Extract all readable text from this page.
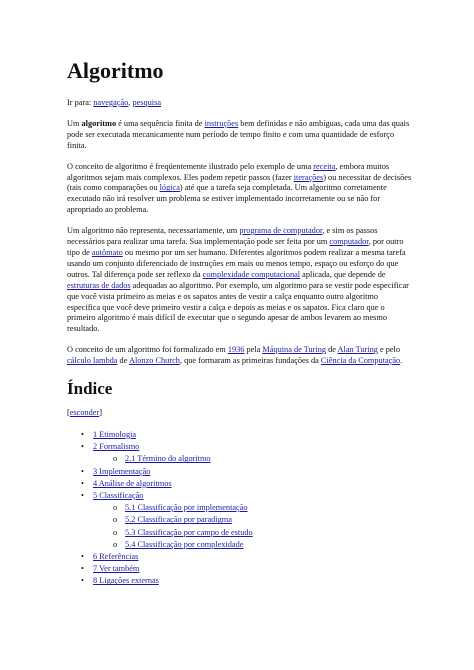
Algoritmo

Ir para: navegação, pesquisa

Um algoritmo é uma sequência finita de instruções bem definidas e não ambíguas, cada uma das quais pode ser executada mecanicamente num período de tempo finito e com uma quantidade de esforço finita.

O conceito de algoritmo é freqüentemente ilustrado pelo exemplo de uma receita, embora muitos algoritmos sejam mais complexos. Eles podem repetir passos (fazer iterações) ou necessitar de decisões (tais como comparações ou lógica) até que a tarefa seja completada. Um algoritmo corretamente executado não irá resolver um problema se estiver implementado incorretamente ou se não for apropriado ao problema.

Um algoritmo não representa, necessariamente, um programa de computador, e sim os passos necessários para realizar uma tarefa. Sua implementação pode ser feita por um computador, por outro tipo de autômato ou mesmo por um ser humano. Diferentes algoritmos podem realizar a mesma tarefa usando um conjunto diferenciado de instruções em mais ou menos tempo, espaço ou esforço do que outros. Tal diferença pode ser reflexo da complexidade computacional aplicada, que depende de estruturas de dados adequadas ao algoritmo. Por exemplo, um algoritmo para se vestir pode especificar que você vista primeiro as meias e os sapatos antes de vestir a calça enquanto outro algoritmo especifica que você deve primeiro vestir a calça e depois as meias e os sapatos. Fica claro que o primeiro algoritmo é mais difícil de executar que o segundo apesar de ambos levarem ao mesmo resultado.

O conceito de um algoritmo foi formalizado em 1936 pela Máquina de Turing de Alan Turing e pelo cálculo lambda de Alonzo Church, que formaram as primeiras fundações da Ciência da Computação.

Índice
[esconder]
• 1 Etimologia
• 2 Formalismo
o 2.1 Término do algoritmo
• 3 Implementação
• 4 Análise de algoritmos
• 5 Classificação
o 5.1 Classificação por implementação
o 5.2 Classificação por paradigma
o 5.3 Classificação por campo de estudo
o 5.4 Classificação por complexidade
• 6 Referências
• 7 Ver também
• 8 Ligações externas
